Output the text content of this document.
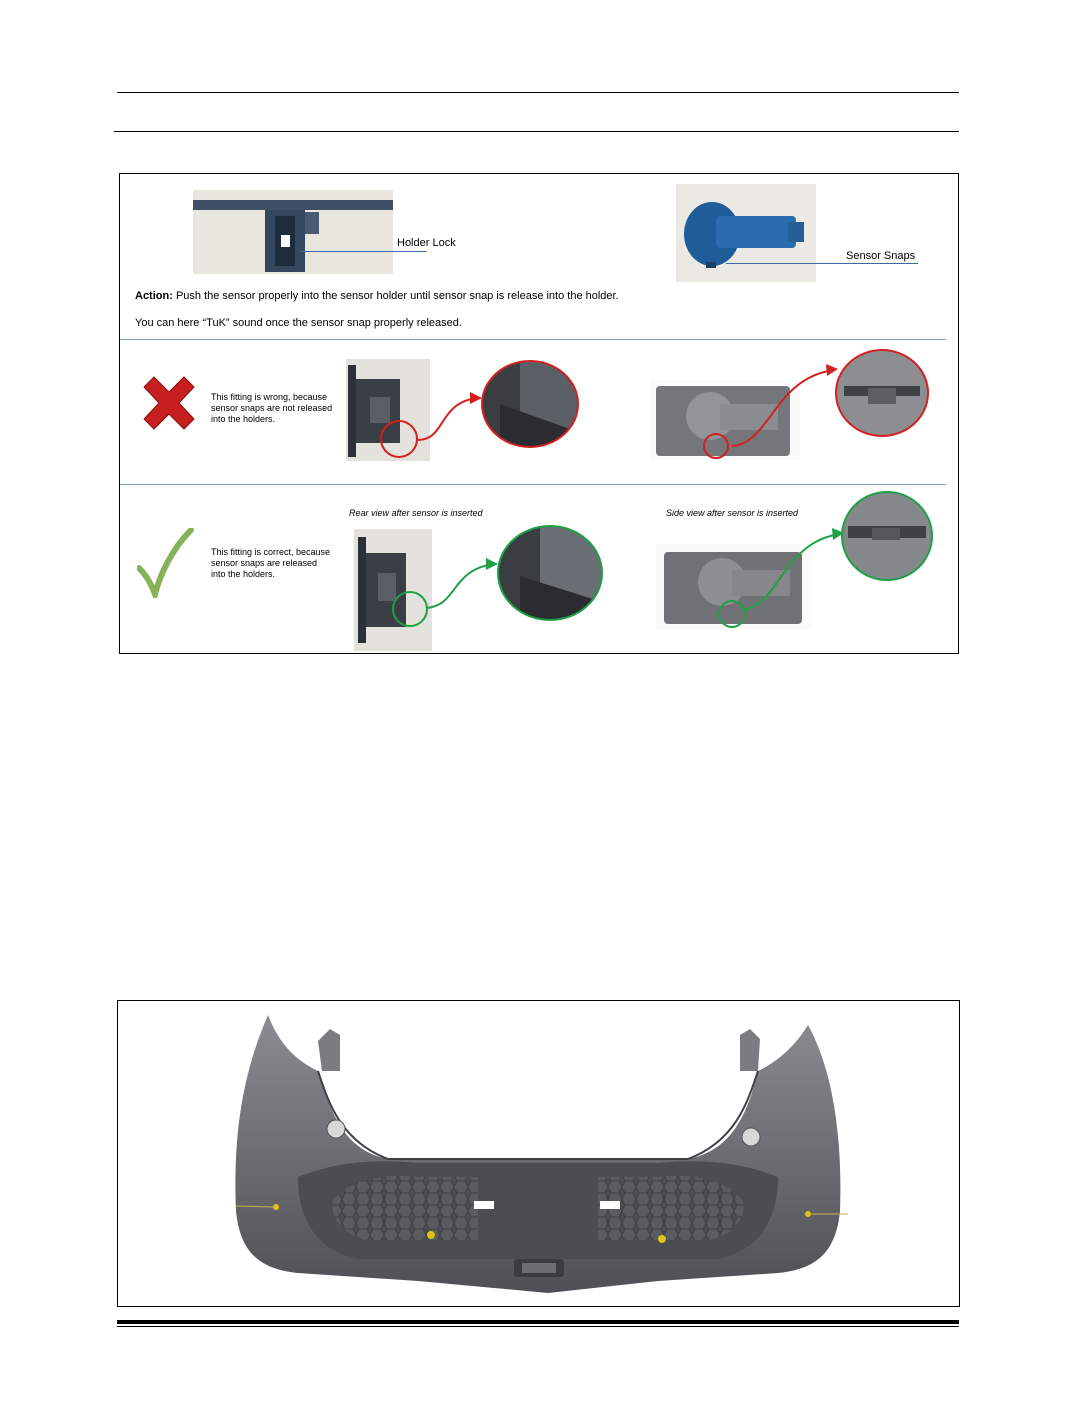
Holder Lock
Sensor Snaps
Action: Push the sensor properly into the sensor holder until sensor snap is release into the holder.
You can here “TuK” sound once the sensor snap properly released.
This fitting is wrong, because
sensor snaps are not released
into the holders.
This fitting is correct, because
sensor snaps are released
into the holders.
Rear view after sensor is inserted	Side view after sensor is inserted
